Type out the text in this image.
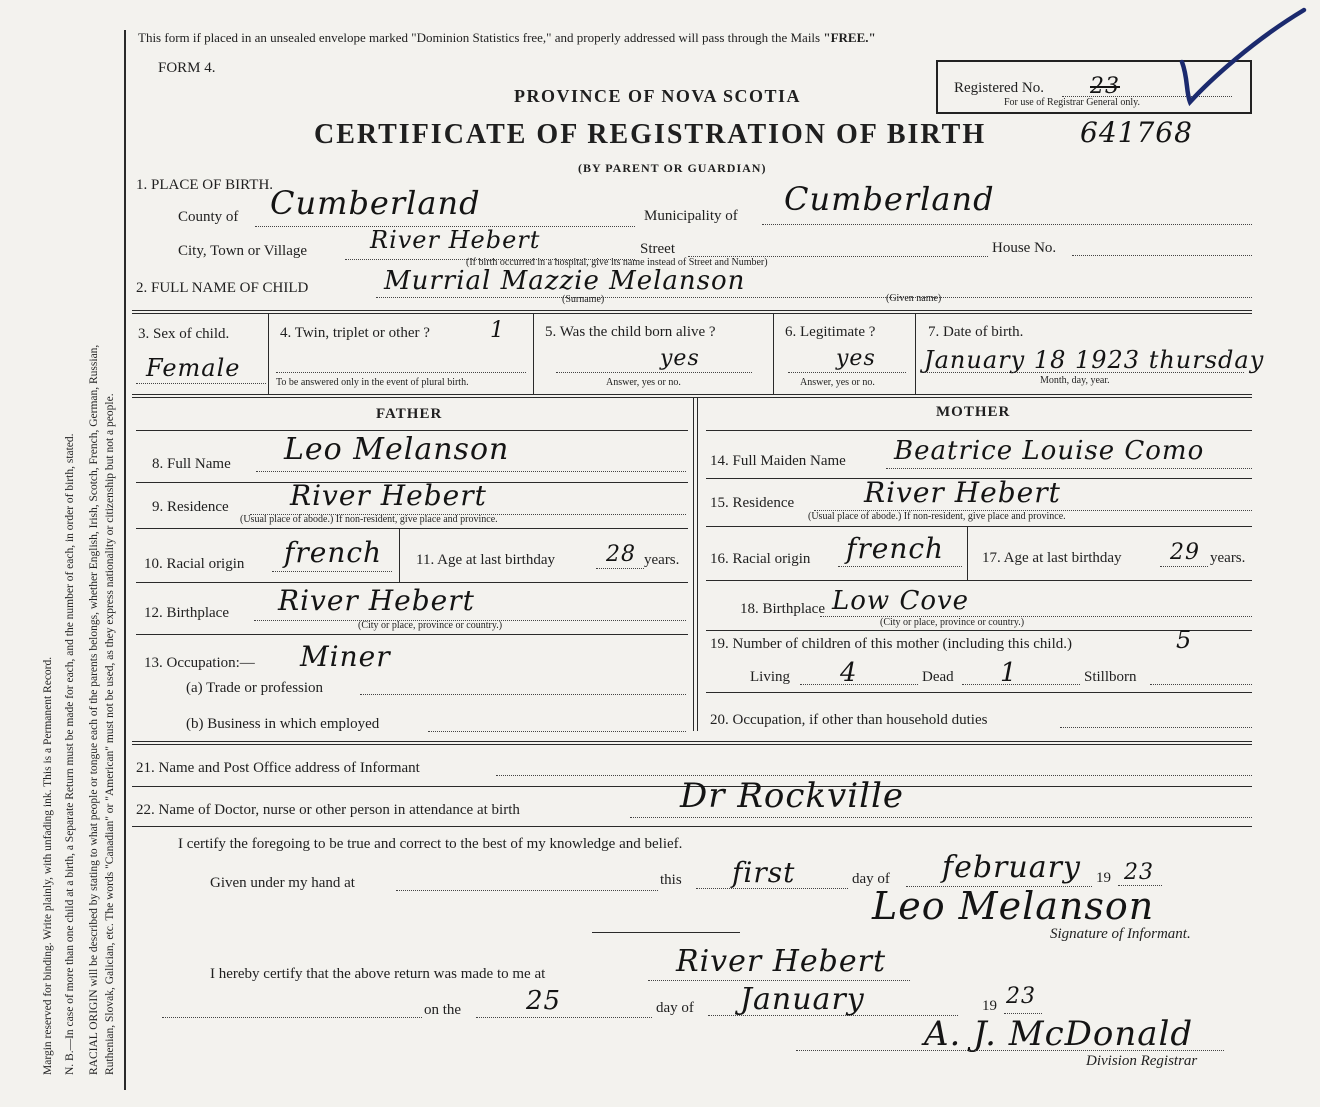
Margin reserved for binding. Write plainly, with unfading ink. This is a Permanent Record. N. B.—In case of more than one child at a birth, a Separate Return must be made for each, and the number of each, in order of birth, stated. RACIAL ORIGIN will be described by stating to what people or tongue each of the parents belongs, whether English, Irish, Scotch, French, German, Russian, Ruthenian, Slovak, Galician, etc. The words "Canadian" or "American" must not be used, as they express nationality or citizenship but not a people.
This form if placed in an unsealed envelope marked "Dominion Statistics free," and properly addressed will pass through the Mails "FREE."
FORM 4.
PROVINCE OF NOVA SCOTIA
CERTIFICATE OF REGISTRATION OF BIRTH	641768
(BY PARENT OR GUARDIAN)
Registered No. 23
For use of Registrar General only.
1. PLACE OF BIRTH.
County of Cumberland	Municipality of Cumberland
City, Town or Village	River Hebert	Street	House No.
(If birth occurred in a hospital, give its name instead of Street and Number)
2. FULL NAME OF CHILD	Murrial Mazzie Melanson
(Surname)	(Given name)
3. Sex of child.
Female
4. Twin, triplet or other ?	1
To be answered only in the event of plural birth.
5. Was the child born alive ?
yes
Answer, yes or no.
6. Legitimate ?
yes
Answer, yes or no.
7. Date of birth.
January 18 1923 thursday
Month, day, year.
FATHER	MOTHER
8. Full Name Leo Melanson	14. Full Maiden Name Beatrice Louise Como
9. Residence River Hebert
(Usual place of abode.) If non-resident, give place and province.
15. Residence River Hebert
(Usual place of abode.) If non-resident, give place and province.
10. Racial origin french 11. Age at last birthday 28 years. 16. Racial origin french	17. Age at last birthday 29 years.
12. Birthplace River Hebert
(City or place, province or country.)
18. Birthplace Low Cove
(City or place, province or country.)
13. Occupation:— Miner
(a) Trade or profession
(b) Business in which employed
19. Number of children of this mother (including this child.)	5
Living 4	Dead 1	Stillborn
20. Occupation, if other than household duties
21. Name and Post Office address of Informant
22. Name of Doctor, nurse or other person in attendance at birth	Dr Rockville
I certify the foregoing to be true and correct to the best of my knowledge and belief.
Given under my hand at	this first	day of february 19 23
Leo Melanson
Signature of Informant.
I hereby certify that the above return was made to me at	River Hebert
on the 25	day of January	19 23
A. J. McDonald
Division Registrar
